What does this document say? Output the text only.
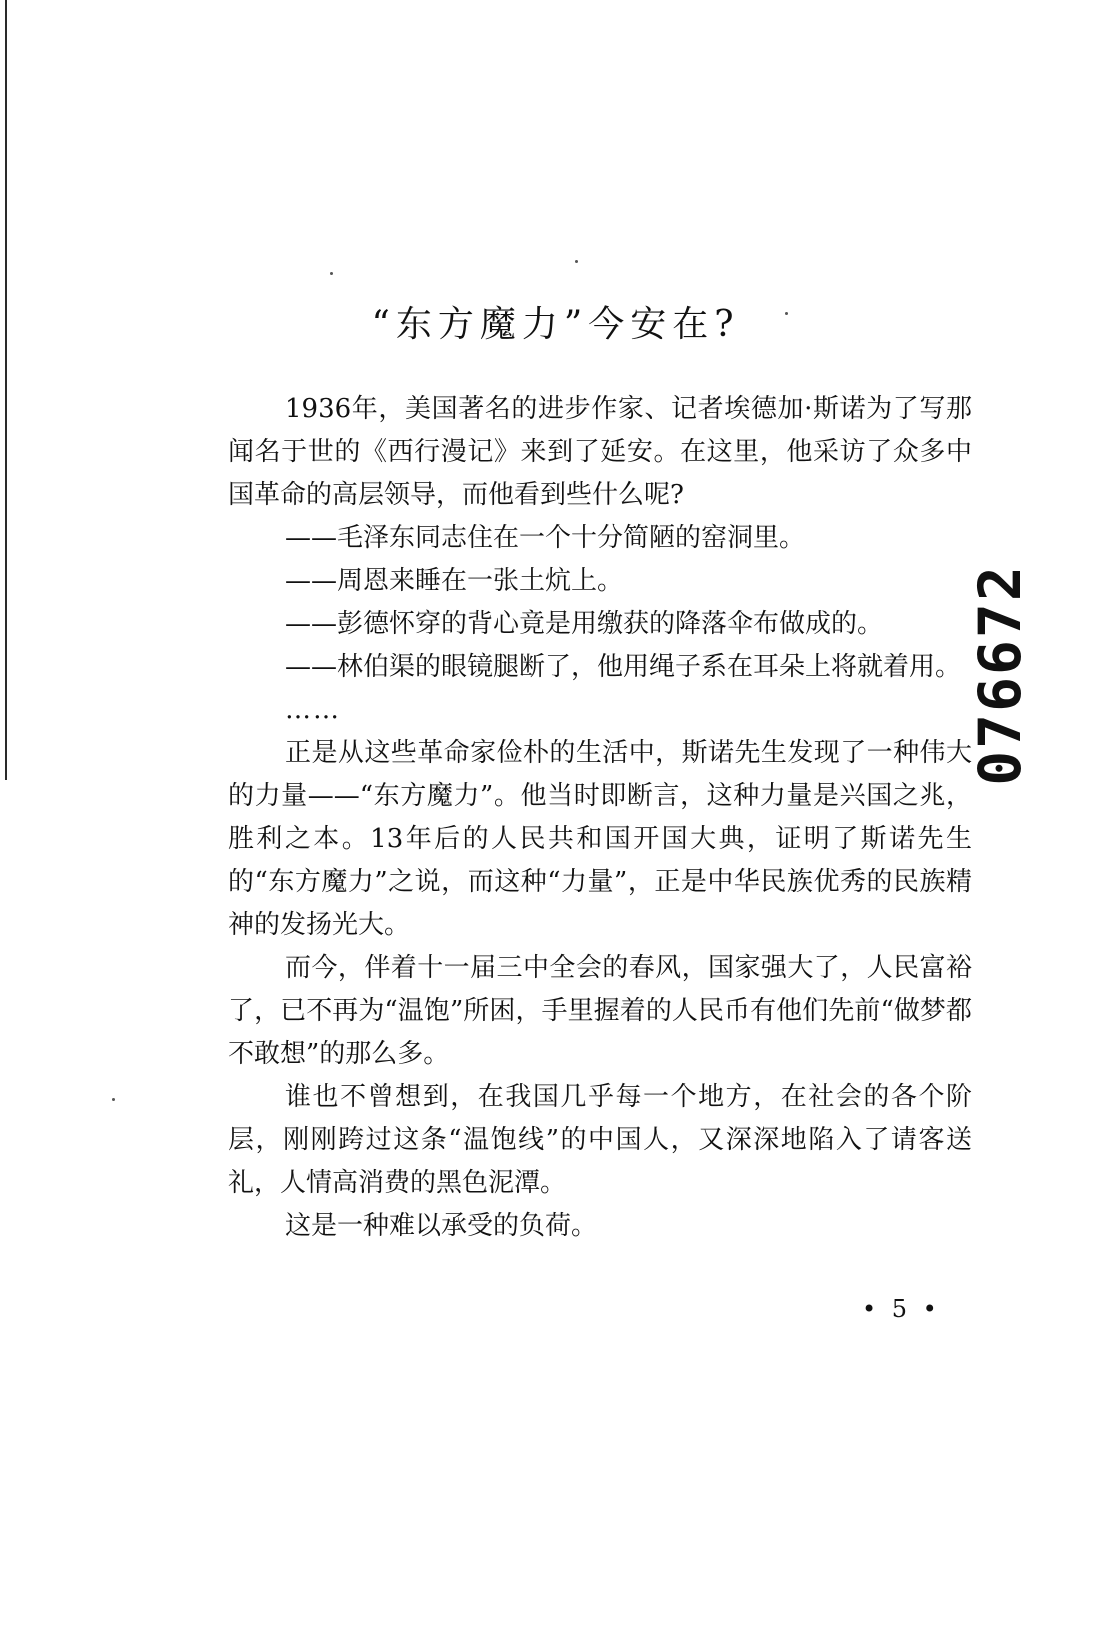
“东方魔力”今安在?

1936年，美国著名的进步作家、记者埃德加·斯诺为了写那闻名于世的《西行漫记》来到了延安。在这里，他采访了众多中国革命的高层领导，而他看到些什么呢?

——毛泽东同志住在一个十分简陋的窑洞里。

——周恩来睡在一张土炕上。

——彭德怀穿的背心竟是用缴获的降落伞布做成的。

——林伯渠的眼镜腿断了，他用绳子系在耳朵上将就着用。

……

正是从这些革命家俭朴的生活中，斯诺先生发现了一种伟大的力量——“东方魔力”。他当时即断言，这种力量是兴国之兆，胜利之本。13年后的人民共和国开国大典，证明了斯诺先生的“东方魔力”之说，而这种“力量”，正是中华民族优秀的民族精神的发扬光大。

而今，伴着十一届三中全会的春风，国家强大了，人民富裕了，已不再为“温饱”所困，手里握着的人民币有他们先前“做梦都不敢想”的那么多。

谁也不曾想到，在我国几乎每一个地方，在社会的各个阶层，刚刚跨过这条“温饱线”的中国人，又深深地陷入了请客送礼，人情高消费的黑色泥潭。

这是一种难以承受的负荷。

• 5 •
076672
